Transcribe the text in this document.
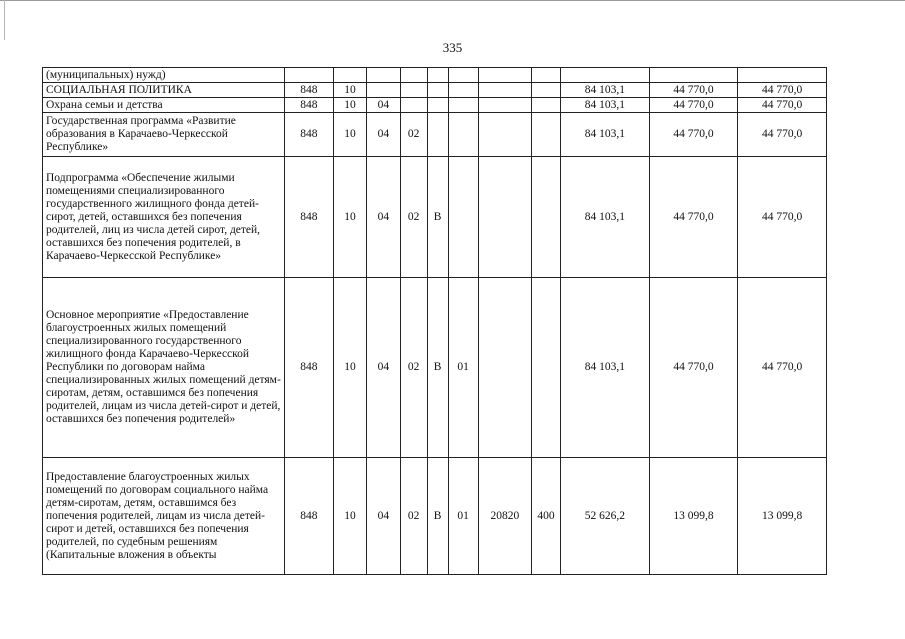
335
(муниципальных) нужд)											
СОЦИАЛЬНАЯ ПОЛИТИКА	848	10							84 103,1	44 770,0	44 770,0
Охрана семьи и детства	848	10	04						84 103,1	44 770,0	44 770,0
Государственная программа «Развитие образования в Карачаево-Черкесской Республике»	848	10	04	02					84 103,1	44 770,0	44 770,0
Подпрограмма «Обеспечение жилыми помещениями специализированного государственного жилищного фонда детей-сирот, детей, оставшихся без попечения родителей, лиц из числа детей сирот, детей, оставшихся без попечения родителей, в Карачаево-Черкесской Республике»	848	10	04	02	В				84 103,1	44 770,0	44 770,0
Основное мероприятие «Предоставление благоустроенных жилых помещений специализированного государственного жилищного фонда Карачаево-Черкесской Республики по договорам найма специализированных жилых помещений детям-сиротам, детям, оставшимся без попечения родителей, лицам из числа детей-сирот и детей, оставшихся без попечения родителей»	848	10	04	02	В	01			84 103,1	44 770,0	44 770,0
Предоставление благоустроенных жилых помещений по договорам социального найма детям-сиротам, детям, оставшимся без попечения родителей, лицам из числа детей-сирот и детей, оставшихся без попечения родителей, по судебным решениям (Капитальные вложения в объекты	848	10	04	02	В	01	20820	400	52 626,2	13 099,8	13 099,8
